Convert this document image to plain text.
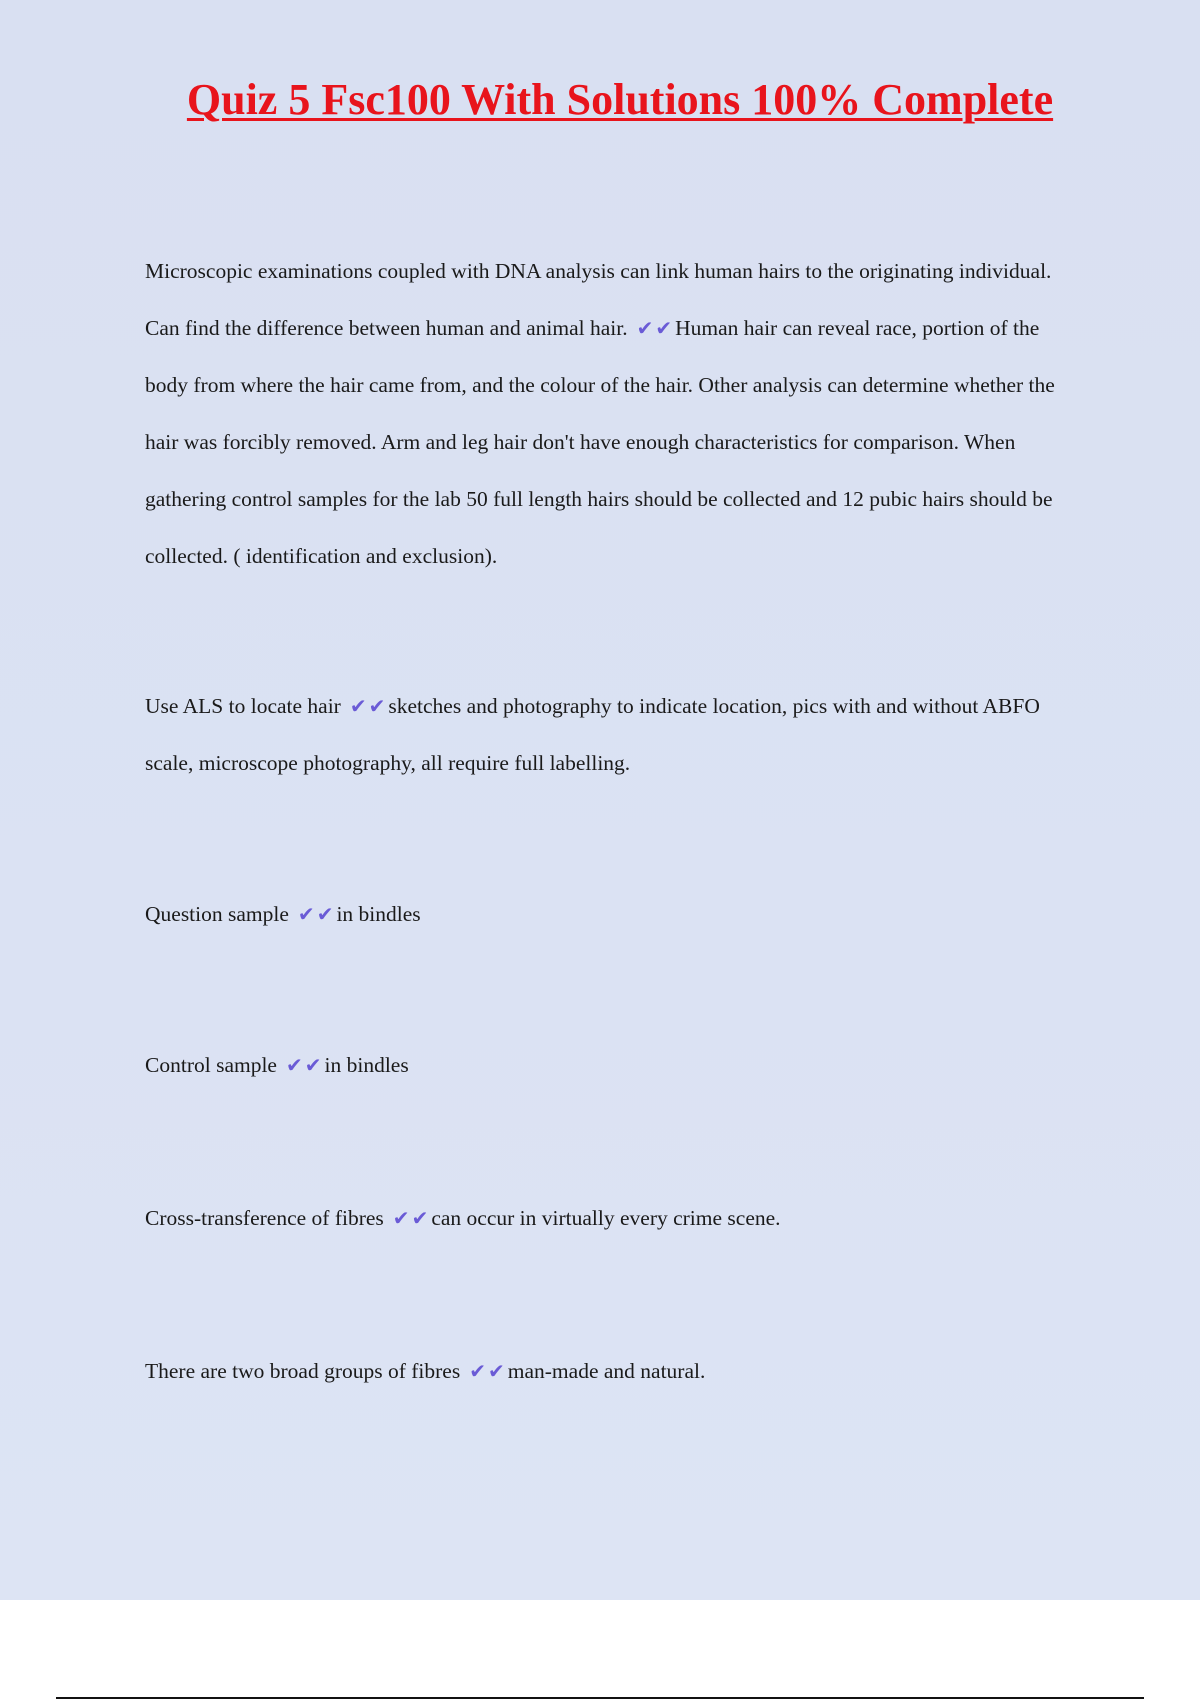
Quiz 5 Fsc100 With Solutions 100% Complete

Microscopic examinations coupled with DNA analysis can link human hairs to the originating individual. Can find the difference between human and animal hair. ✔ ✔ Human hair can reveal race, portion of the body from where the hair came from, and the colour of the hair. Other analysis can determine whether the hair was forcibly removed. Arm and leg hair don't have enough characteristics for comparison. When gathering control samples for the lab 50 full length hairs should be collected and 12 pubic hairs should be collected. ( identification and exclusion).

Use ALS to locate hair ✔ ✔ sketches and photography to indicate location, pics with and without ABFO scale, microscope photography, all require full labelling.

Question sample ✔ ✔ in bindles

Control sample ✔ ✔ in bindles

Cross-transference of fibres ✔ ✔ can occur in virtually every crime scene.

There are two broad groups of fibres ✔ ✔ man-made and natural.
